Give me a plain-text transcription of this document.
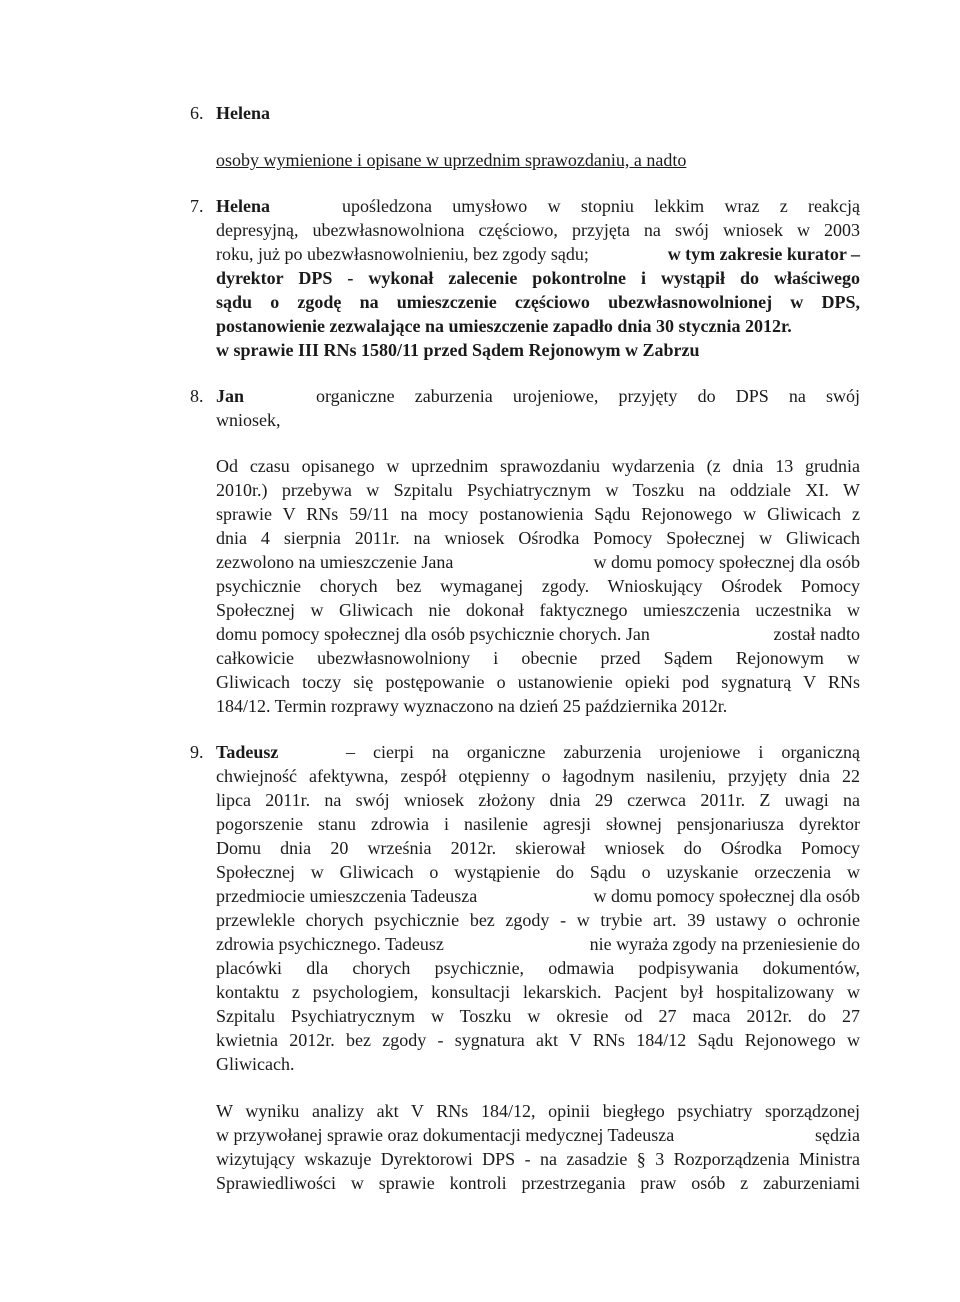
6. Helena
osoby wymienione i opisane w uprzednim sprawozdaniu, a nadto
7. Helena	upośledzona umysłowo w stopniu lekkim wraz z reakcją
depresyjną, ubezwłasnowolniona częściowo, przyjęta na swój wniosek w 2003
roku, już po ubezwłasnowolnieniu, bez zgody sądu;	w tym zakresie kurator –
dyrektor DPS - wykonał zalecenie pokontrolne i wystąpił do właściwego
sądu o zgodę na umieszczenie częściowo ubezwłasnowolnionej w DPS,
postanowienie zezwalające na umieszczenie zapadło dnia 30 stycznia 2012r.
w sprawie III RNs 1580/11 przed Sądem Rejonowym w Zabrzu
8. Jan	organiczne zaburzenia urojeniowe, przyjęty do DPS na swój
wniosek,
Od czasu opisanego w uprzednim sprawozdaniu wydarzenia (z dnia 13 grudnia
2010r.) przebywa w Szpitalu Psychiatrycznym w Toszku na oddziale XI. W
sprawie V RNs 59/11 na mocy postanowienia Sądu Rejonowego w Gliwicach z
dnia 4 sierpnia 2011r. na wniosek Ośrodka Pomocy Społecznej w Gliwicach
zezwolono na umieszczenie Jana	w domu pomocy społecznej dla osób
psychicznie chorych bez wymaganej zgody. Wnioskujący Ośrodek Pomocy
Społecznej w Gliwicach nie dokonał faktycznego umieszczenia uczestnika w
domu pomocy społecznej dla osób psychicznie chorych. Jan	został nadto
całkowicie ubezwłasnowolniony i obecnie przed Sądem Rejonowym w
Gliwicach toczy się postępowanie o ustanowienie opieki pod sygnaturą V RNs
184/12. Termin rozprawy wyznaczono na dzień 25 października 2012r.
9. Tadeusz	– cierpi na organiczne zaburzenia urojeniowe i organiczną
chwiejność afektywna, zespół otępienny o łagodnym nasileniu, przyjęty dnia 22
lipca 2011r. na swój wniosek złożony dnia 29 czerwca 2011r. Z uwagi na
pogorszenie stanu zdrowia i nasilenie agresji słownej pensjonariusza dyrektor
Domu dnia 20 września 2012r. skierował wniosek do Ośrodka Pomocy
Społecznej w Gliwicach o wystąpienie do Sądu o uzyskanie orzeczenia w
przedmiocie umieszczenia Tadeusza	w domu pomocy społecznej dla osób
przewlekle chorych psychicznie bez zgody - w trybie art. 39 ustawy o ochronie
zdrowia psychicznego. Tadeusz	nie wyraża zgody na przeniesienie do
placówki dla chorych psychicznie, odmawia podpisywania dokumentów,
kontaktu z psychologiem, konsultacji lekarskich. Pacjent był hospitalizowany w
Szpitalu Psychiatrycznym w Toszku w okresie od 27 maca 2012r. do 27
kwietnia 2012r. bez zgody - sygnatura akt V RNs 184/12 Sądu Rejonowego w
Gliwicach.
W wyniku analizy akt V RNs 184/12, opinii biegłego psychiatry sporządzonej
w przywołanej sprawie oraz dokumentacji medycznej Tadeusza	sędzia
wizytujący wskazuje Dyrektorowi DPS - na zasadzie § 3 Rozporządzenia Ministra
Sprawiedliwości w sprawie kontroli przestrzegania praw osób z zaburzeniami
